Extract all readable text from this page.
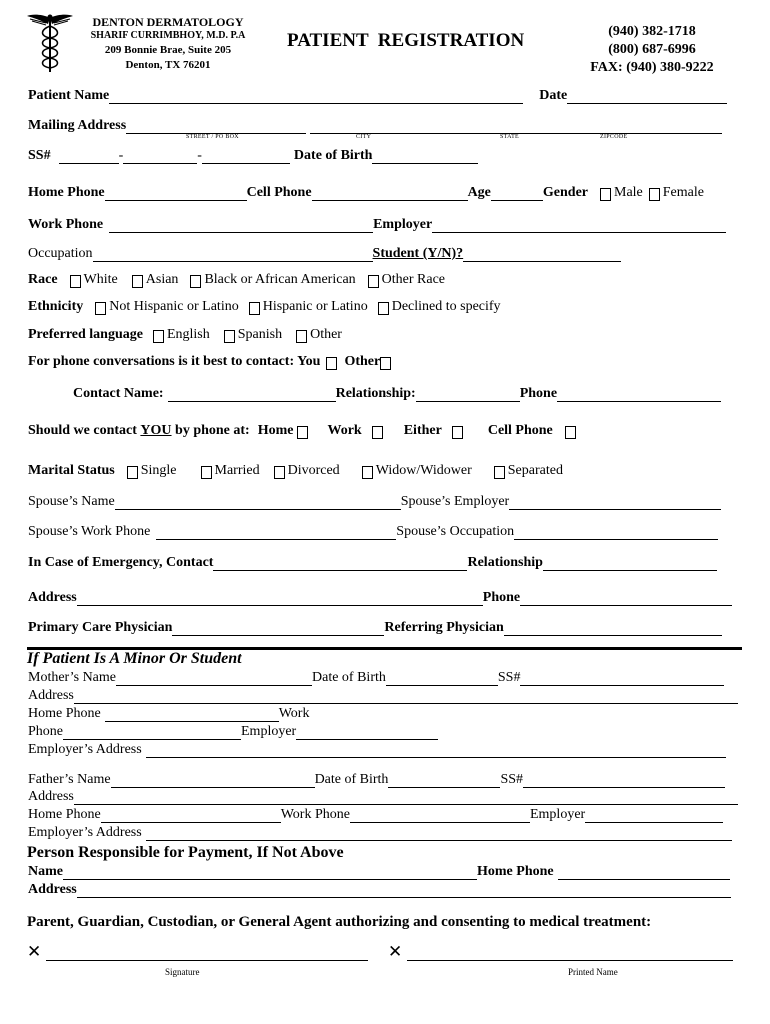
DENTON DERMATOLOGY
SHARIF CURRIMBHOY, M.D. P.A
209 Bonnie Brae, Suite 205
Denton, TX 76201
PATIENT  REGISTRATION	(940) 382-1718
(800) 687-6996
FAX: (940) 380-9222
Patient Name	Date
Mailing Address
STREET / PO BOX	CITY	STATE	ZIPCODE
SS#	-	-	Date of Birth
Home Phone	Cell Phone	Age	Gender Male Female
Work Phone	Employer
Occupation	Student (Y/N)?
Race White Asian Black or African American Other Race
Ethnicity Not Hispanic or Latino Hispanic or Latino Declined to specify
Preferred language English Spanish Other
For phone conversations is it best to contact: You Other
Contact Name:	Relationship:	Phone
Should we contact YOU by phone at: Home Work	Either	Cell Phone
Marital Status Single	Married Divorced	Widow/Widower	Separated
Spouse’s Name	Spouse’s Employer
Spouse’s Work Phone	Spouse’s Occupation
In Case of Emergency, Contact	Relationship
Address	Phone
Primary Care Physician	Referring Physician
If Patient Is A Minor Or Student
Mother’s Name	Date of Birth	SS#
Address
Home Phone	Work
Phone	Employer
Employer’s Address
Father’s Name	Date of Birth	SS#
Address
Home Phone	Work Phone	Employer
Employer’s Address
Person Responsible for Payment, If Not Above
Name	Home Phone
Address
Parent, Guardian, Custodian, or General Agent authorizing and consenting to medical treatment:
✕	✕
Signature	Printed Name
